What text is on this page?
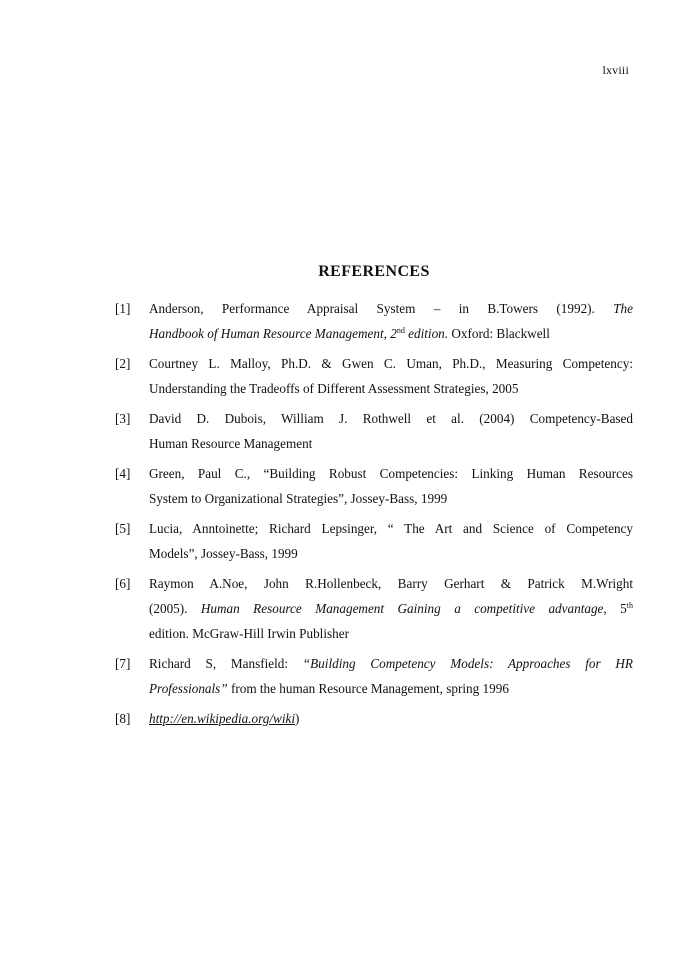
lxviii
REFERENCES
[1]	Anderson, Performance Appraisal System – in B.Towers (1992). The
Handbook of Human Resource Management, 2nd edition. Oxford: Blackwell
[2]	Courtney L. Malloy, Ph.D. & Gwen C. Uman, Ph.D., Measuring Competency:
Understanding the Tradeoffs of Different Assessment Strategies, 2005
[3]	David D. Dubois, William J. Rothwell et al. (2004) Competency-Based
Human Resource Management
[4]	Green, Paul C., “Building Robust Competencies: Linking Human Resources
System to Organizational Strategies”, Jossey-Bass, 1999
[5]	Lucia, Anntoinette; Richard Lepsinger, “ The Art and Science of Competency
Models”, Jossey-Bass, 1999
[6]	Raymon A.Noe, John R.Hollenbeck, Barry Gerhart & Patrick M.Wright
(2005). Human Resource Management Gaining a competitive advantage, 5th
edition. McGraw-Hill Irwin Publisher
[7]	Richard S, Mansfield: “Building Competency Models: Approaches for HR
Professionals” from the human Resource Management, spring 1996
[8]	http://en.wikipedia.org/wiki)
